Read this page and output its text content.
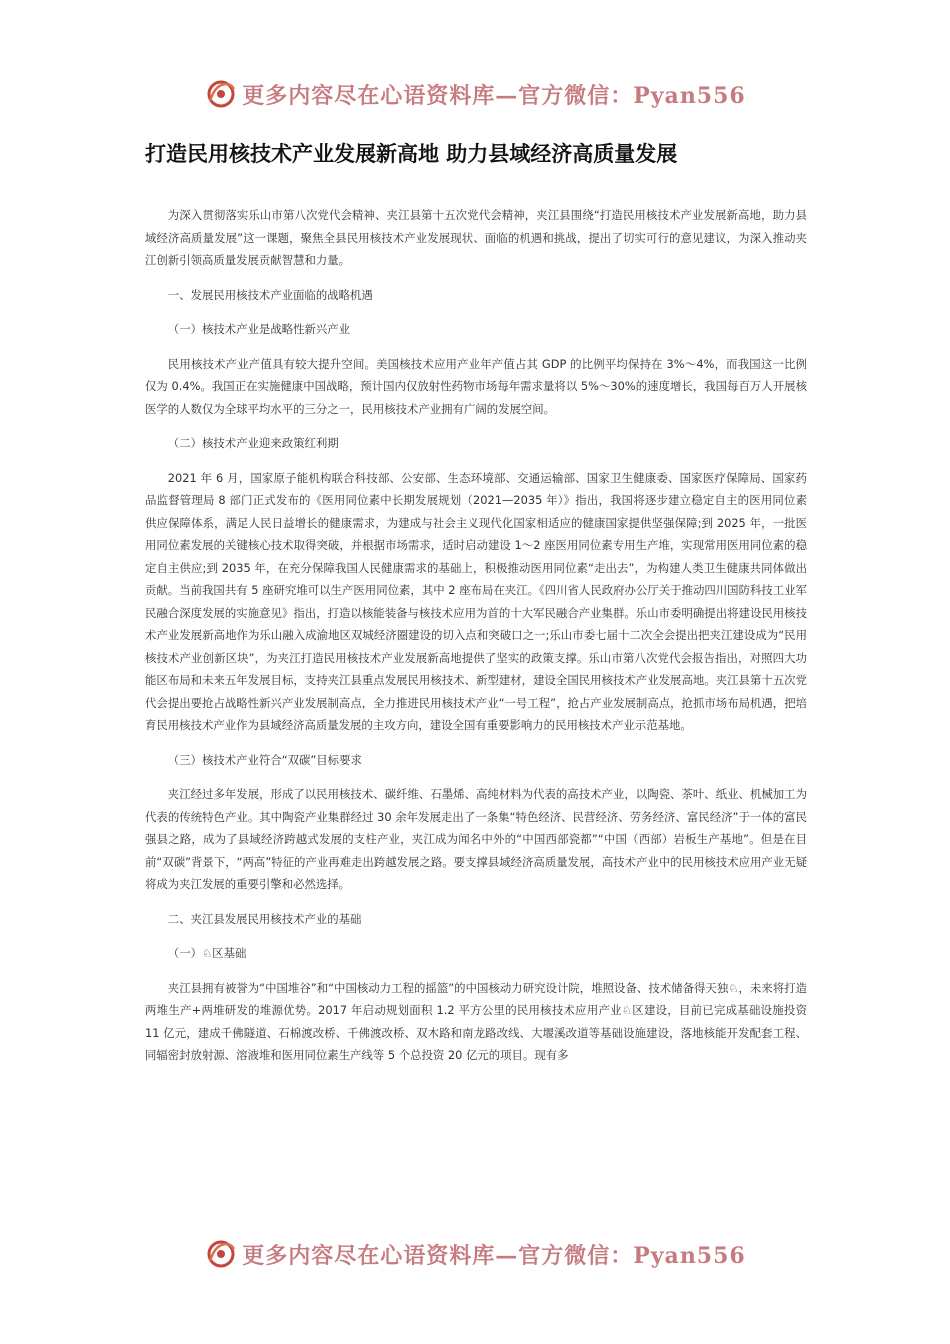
更多内容尽在心语资料库—官方微信：Pyan556
打造民用核技术产业发展新高地 助力县域经济高质量发展
为深入贯彻落实乐山市第八次党代会精神、夹江县第十五次党代会精神，夹江县围绕“打造民用核技术产业发展新高地，助力县域经济高质量发展”这一课题，聚焦全县民用核技术产业发展现状、面临的机遇和挑战，提出了切实可行的意见建议，为深入推动夹江创新引领高质量发展贡献智慧和力量。
一、发展民用核技术产业面临的战略机遇
（一）核技术产业是战略性新兴产业
民用核技术产业产值具有较大提升空间。美国核技术应用产业年产值占其 GDP 的比例平均保持在 3%～4%，而我国这一比例仅为 0.4%。我国正在实施健康中国战略，预计国内仅放射性药物市场每年需求量将以 5%～30%的速度增长，我国每百万人开展核医学的人数仅为全球平均水平的三分之一，民用核技术产业拥有广阔的发展空间。
（二）核技术产业迎来政策红利期
2021 年 6 月，国家原子能机构联合科技部、公安部、生态环境部、交通运输部、国家卫生健康委、国家医疗保障局、国家药品监督管理局 8 部门正式发布的《医用同位素中长期发展规划（2021—2035 年）》指出，我国将逐步建立稳定自主的医用同位素供应保障体系，满足人民日益增长的健康需求，为建成与社会主义现代化国家相适应的健康国家提供坚强保障;到 2025 年，一批医用同位素发展的关键核心技术取得突破，并根据市场需求，适时启动建设 1～2 座医用同位素专用生产堆，实现常用医用同位素的稳定自主供应;到 2035 年，在充分保障我国人民健康需求的基础上，积极推动医用同位素“走出去”，为构建人类卫生健康共同体做出贡献。当前我国共有 5 座研究堆可以生产医用同位素，其中 2 座布局在夹江。《四川省人民政府办公厅关于推动四川国防科技工业军民融合深度发展的实施意见》指出，打造以核能装备与核技术应用为首的十大军民融合产业集群。乐山市委明确提出将建设民用核技术产业发展新高地作为乐山融入成渝地区双城经济圈建设的切入点和突破口之一;乐山市委七届十二次全会提出把夹江建设成为“民用核技术产业创新区块”，为夹江打造民用核技术产业发展新高地提供了坚实的政策支撑。乐山市第八次党代会报告指出，对照四大功能区布局和未来五年发展目标，支持夹江县重点发展民用核技术、新型建材，建设全国民用核技术产业发展高地。夹江县第十五次党代会提出要抢占战略性新兴产业发展制高点，全力推进民用核技术产业“一号工程”，抢占产业发展制高点，抢抓市场布局机遇，把培育民用核技术产业作为县域经济高质量发展的主攻方向，建设全国有重要影响力的民用核技术产业示范基地。
（三）核技术产业符合“双碳”目标要求
夹江经过多年发展，形成了以民用核技术、碳纤维、石墨烯、高纯材料为代表的高技术产业，以陶瓷、茶叶、纸业、机械加工为代表的传统特色产业。其中陶瓷产业集群经过 30 余年发展走出了一条集“特色经济、民营经济、劳务经济、富民经济”于一体的富民强县之路，成为了县域经济跨越式发展的支柱产业，夹江成为闻名中外的“中国西部瓷都”“中国（西部）岩板生产基地”。但是在目前“双碳”背景下，“两高”特征的产业再难走出跨越发展之路。要支撑县域经济高质量发展，高技术产业中的民用核技术应用产业无疑将成为夹江发展的重要引擎和必然选择。
二、夹江县发展民用核技术产业的基础
（一）♘区基础
夹江县拥有被誉为“中国堆谷”和“中国核动力工程的摇篮”的中国核动力研究设计院，堆照设备、技术储备得天独♘，未来将打造两堆生产+两堆研发的堆源优势。2017 年启动规划面积 1.2 平方公里的民用核技术应用产业♘区建设，目前已完成基础设施投资 11 亿元，建成千佛隧道、石棉渡改桥、千佛渡改桥、双木路和南龙路改线、大堰溪改道等基础设施建设，落地核能开发配套工程、同辐密封放射源、溶液堆和医用同位素生产线等 5 个总投资 20 亿元的项目。现有多
更多内容尽在心语资料库—官方微信：Pyan556
